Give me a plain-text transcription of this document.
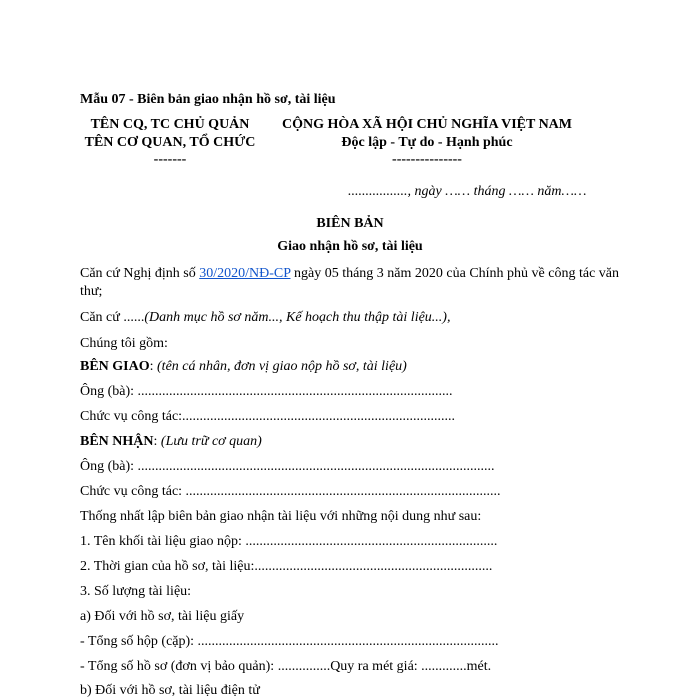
Mẫu 07 - Biên bản giao nhận hồ sơ, tài liệu
TÊN CQ, TC CHỦ QUẢN
TÊN CƠ QUAN, TỔ CHỨC
-------
CỘNG HÒA XÃ HỘI CHỦ NGHĨA VIỆT NAM
Độc lập - Tự do - Hạnh phúc
---------------
................., ngày …… tháng …… năm……
BIÊN BẢN
Giao nhận hồ sơ, tài liệu
Căn cứ Nghị định số 30/2020/NĐ-CP ngày 05 tháng 3 năm 2020 của Chính phủ về công tác văn
thư;
Căn cứ ......(Danh mục hồ sơ năm..., Kế hoạch thu thập tài liệu...),
Chúng tôi gồm:
BÊN GIAO: (tên cá nhân, đơn vị giao nộp hồ sơ, tài liệu)
Ông (bà): ..........................................................................................
Chức vụ công tác:..............................................................................
BÊN NHẬN: (Lưu trữ cơ quan)
Ông (bà): ......................................................................................................
Chức vụ công tác: ..........................................................................................
Thống nhất lập biên bản giao nhận tài liệu với những nội dung như sau:
1. Tên khối tài liệu giao nộp: ........................................................................
2. Thời gian của hồ sơ, tài liệu:....................................................................
3. Số lượng tài liệu:
a) Đối với hồ sơ, tài liệu giấy
- Tổng số hộp (cặp): ......................................................................................
- Tổng số hồ sơ (đơn vị bảo quản): ...............Quy ra mét giá: .............mét.
b) Đối với hồ sơ, tài liệu điện tử
